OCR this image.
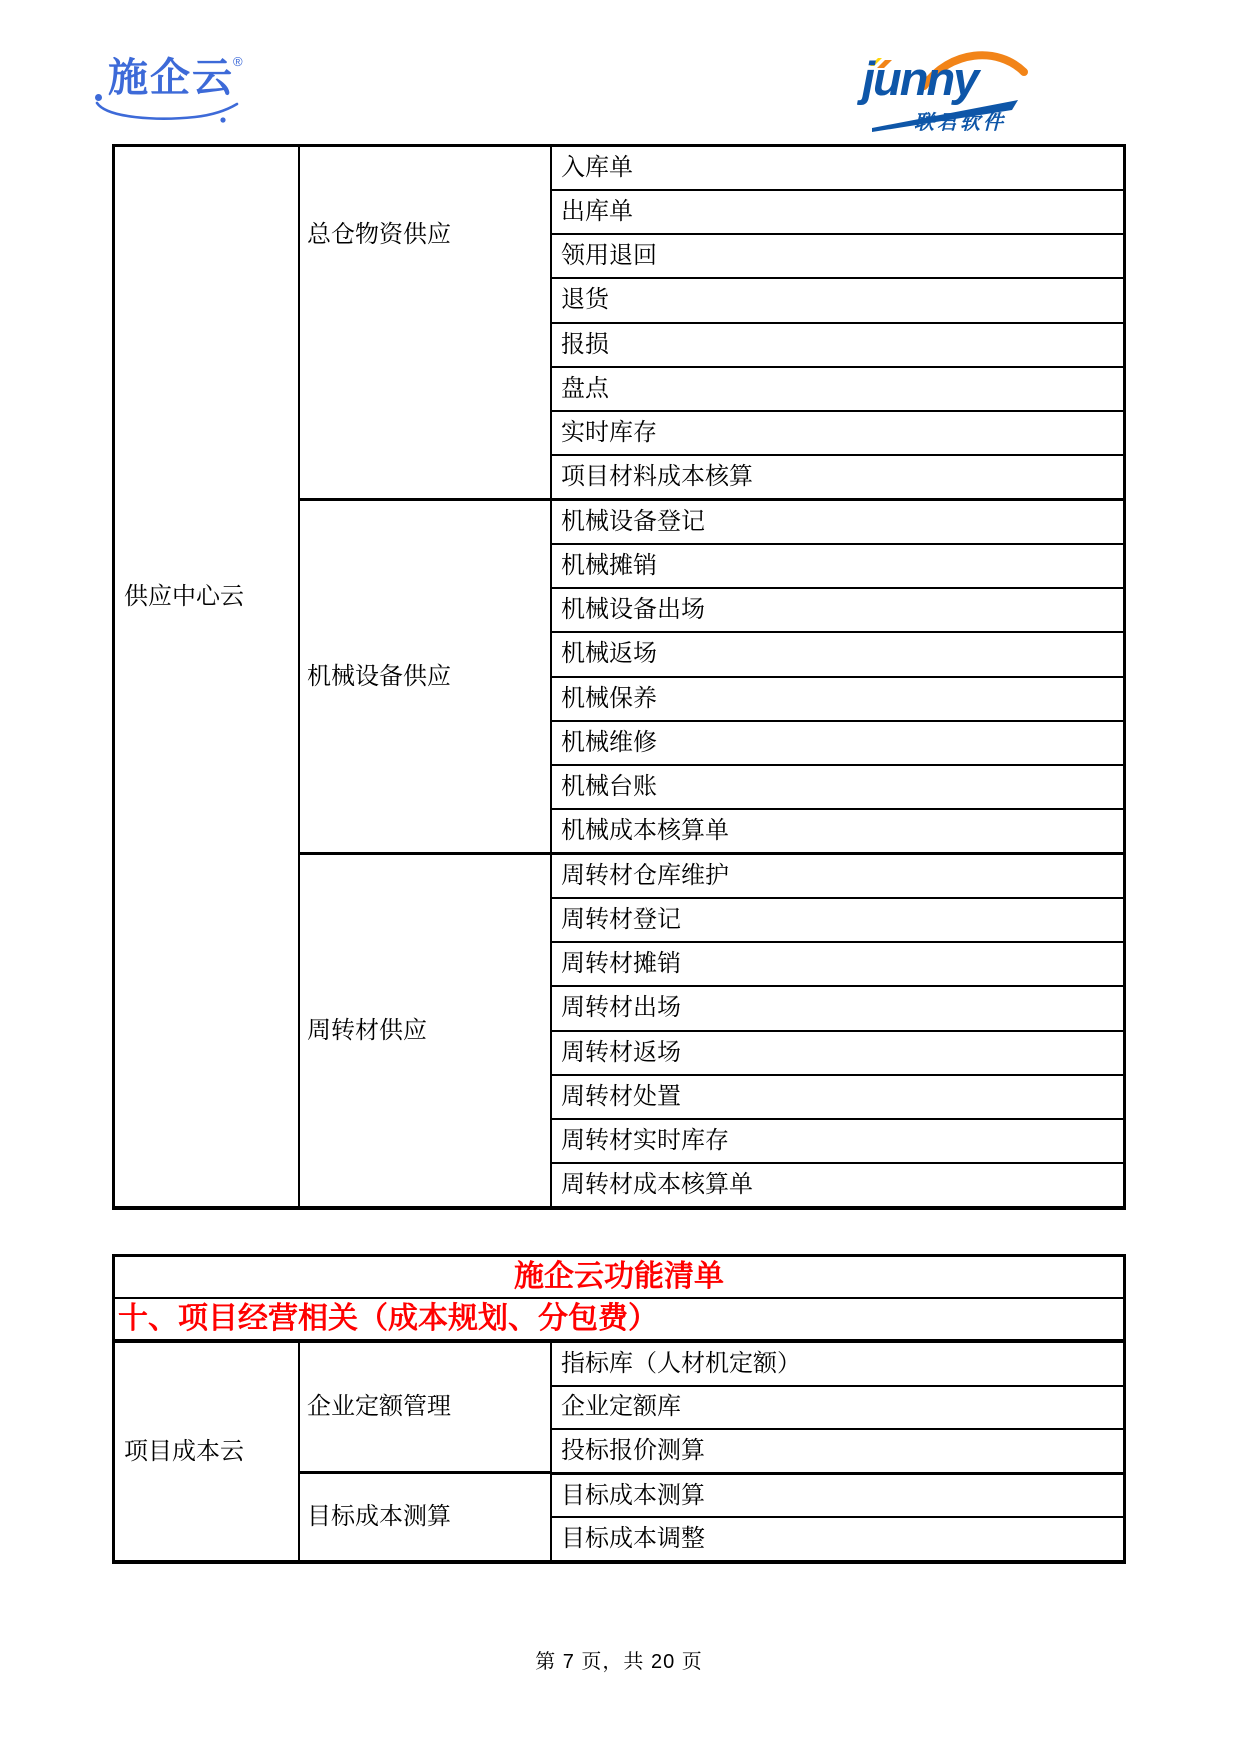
施企云 ®	junny
联君软件
供应中心云
总仓物资供应
机械设备供应
周转材供应
入库单
出库单
领用退回
退货
报损
盘点
实时库存
项目材料成本核算
机械设备登记
机械摊销
机械设备出场
机械返场
机械保养
机械维修
机械台账
机械成本核算单
周转材仓库维护
周转材登记
周转材摊销
周转材出场
周转材返场
周转材处置
周转材实时库存
周转材成本核算单
施企云功能清单
十、项目经营相关（成本规划、分包费）
项目成本云
企业定额管理
目标成本测算
指标库（人材机定额）
企业定额库
投标报价测算
目标成本测算
目标成本调整
第 7 页，共 20 页
